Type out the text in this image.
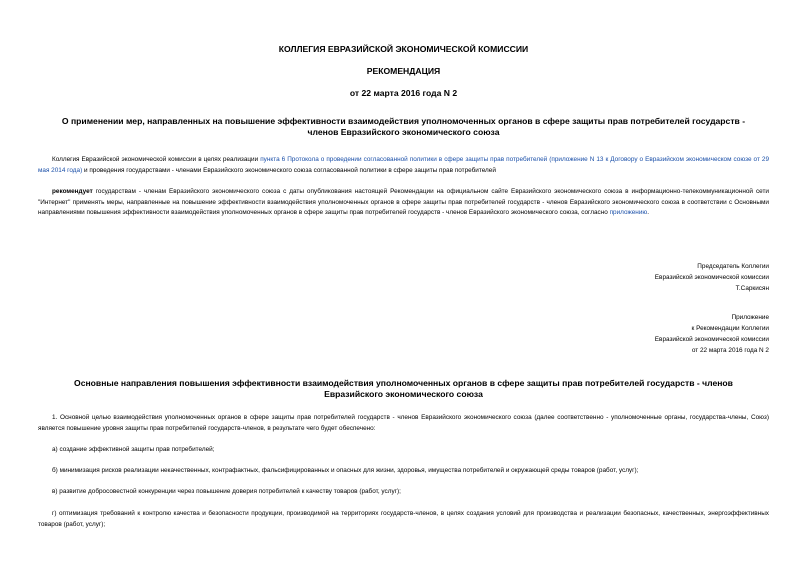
КОЛЛЕГИЯ ЕВРАЗИЙСКОЙ ЭКОНОМИЧЕСКОЙ КОМИССИИ
РЕКОМЕНДАЦИЯ
от 22 марта 2016 года N 2
О применении мер, направленных на повышение эффективности взаимодействия уполномоченных органов в сфере защиты прав потребителей государств -
членов Евразийского экономического союза
Коллегия Евразийской экономической комиссии в целях реализации пункта 6 Протокола о проведении согласованной политики в сфере защиты прав потребителей (приложение N 13 к Договору о Евразийском экономическом союзе от 29 мая 2014 года) и проведения государствами - членами Евразийского экономического союза согласованной политики в сфере защиты прав потребителей
рекомендует государствам - членам Евразийского экономического союза с даты опубликования настоящей Рекомендации на официальном сайте Евразийского экономического союза в информационно-телекоммуникационной сети "Интернет" применять меры, направленные на повышение эффективности взаимодействия уполномоченных органов в сфере защиты прав потребителей государств - членов Евразийского экономического союза в соответствии с Основными направлениями повышения эффективности взаимодействия уполномоченных органов в сфере защиты прав потребителей государств - членов Евразийского экономического союза, согласно приложению.
Председатель Коллегии
Евразийской экономической комиссии
Т.Саркисян
Приложение
к Рекомендации Коллегии
Евразийской экономической комиссии
от 22 марта 2016 года N 2
Основные направления повышения эффективности взаимодействия уполномоченных органов в сфере защиты прав потребителей государств - членов
Евразийского экономического союза
1. Основной целью взаимодействия уполномоченных органов в сфере защиты прав потребителей государств - членов Евразийского экономического союза (далее соответственно - уполномоченные органы, государства-члены, Союз) является повышение уровня защиты прав потребителей государств-членов, в результате чего будет обеспечено:
а) создание эффективной защиты прав потребителей;
б) минимизация рисков реализации некачественных, контрафактных, фальсифицированных и опасных для жизни, здоровья, имущества потребителей и окружающей среды товаров (работ, услуг);
в) развитие добросовестной конкуренции через повышение доверия потребителей к качеству товаров (работ, услуг);
г) оптимизация требований к контролю качества и безопасности продукции, производимой на территориях государств-членов, в целях создания условий для производства и реализации безопасных, качественных, энергоэффективных товаров (работ, услуг);
